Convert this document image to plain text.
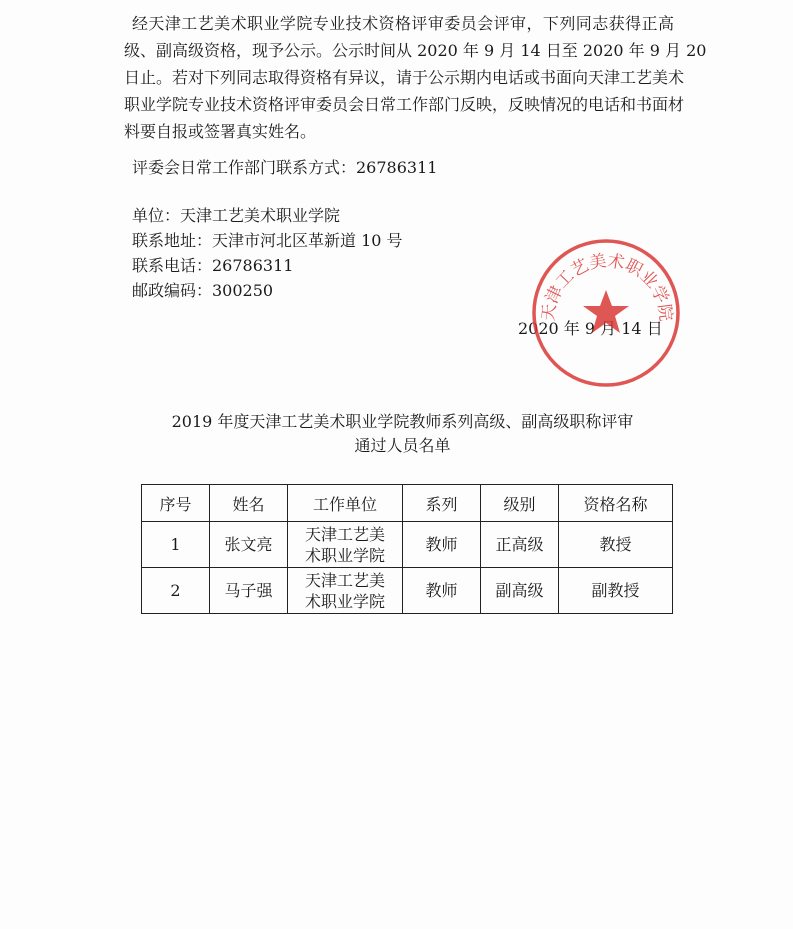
经天津工艺美术职业学院专业技术资格评审委员会评审，下列同志获得正高
级、副高级资格，现予公示。公示时间从 2020 年 9 月 14 日至 2020 年 9 月 20
日止。若对下列同志取得资格有异议，请于公示期内电话或书面向天津工艺美术
职业学院专业技术资格评审委员会日常工作部门反映，反映情况的电话和书面材
料要自报或签署真实姓名。

评委会日常工作部门联系方式：26786311
单位：天津工艺美术职业学院
联系地址：天津市河北区革新道 10 号
联系电话：26786311
邮政编码：300250
2020 年 9 月 14 日
天津工艺美术职业学院
2019 年度天津工艺美术职业学院教师系列高级、副高级职称评审
通过人员名单
序号	姓名	工作单位	系列	级别	资格名称
1	张文亮	天津工艺美
术职业学院	教师	正高级	教授
2	马子强	天津工艺美
术职业学院	教师	副高级	副教授
